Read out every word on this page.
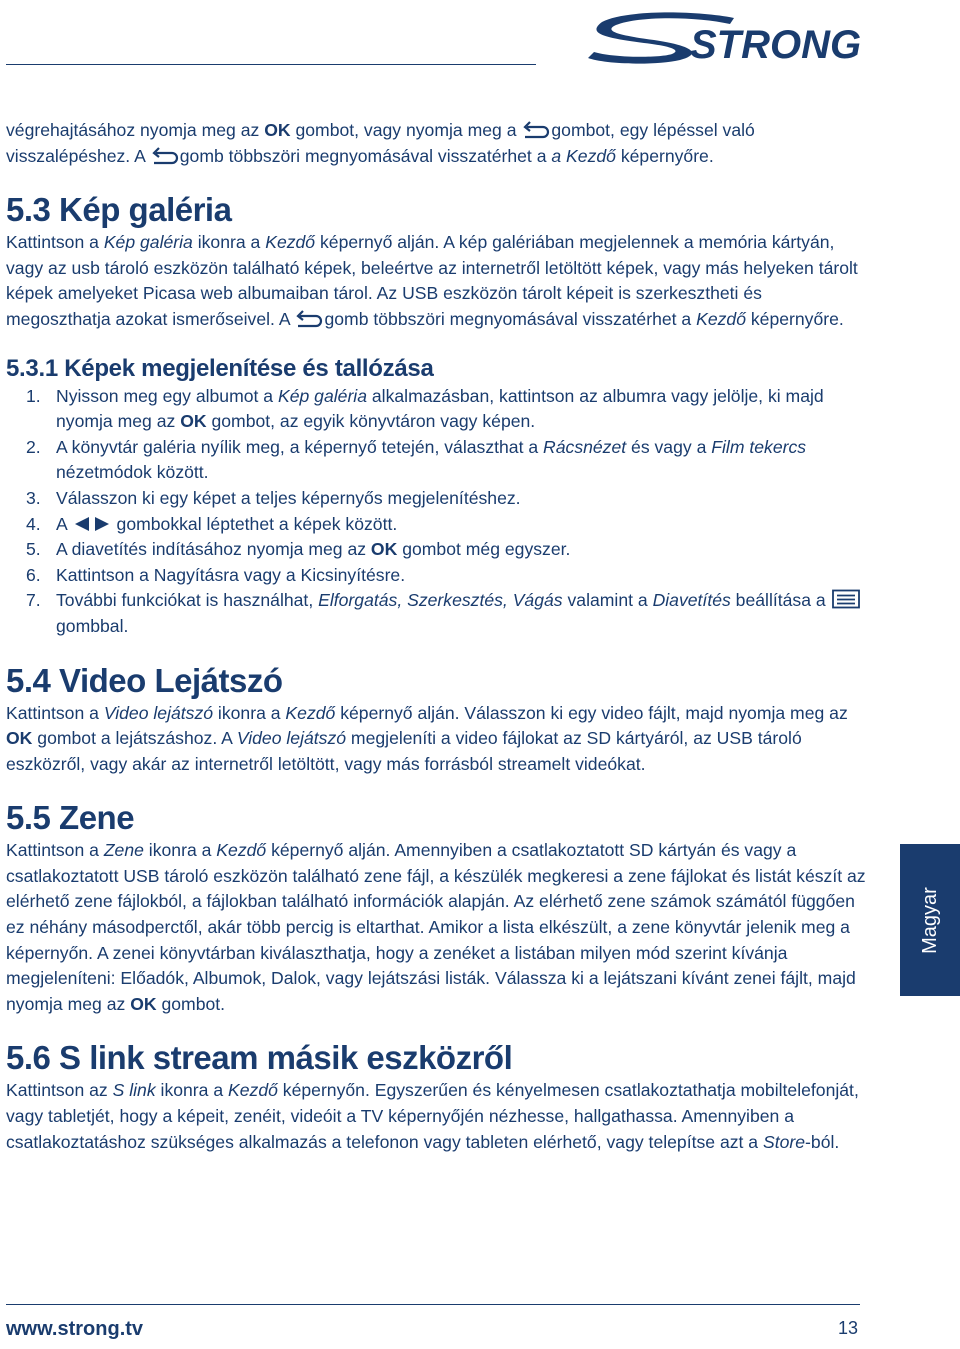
STRONG

végrehajtásához nyomja meg az OK gombot, vagy nyomja meg a gombot, egy lépéssel való visszalépéshez. A gomb többszöri megnyomásával visszatérhet a a Kezdő képernyőre.

5.3 Kép galéria

Kattintson a Kép galéria ikonra a Kezdő képernyő alján. A kép galériában megjelennek a memória kártyán, vagy az usb tároló eszközön található képek, beleértve az internetről letöltött képek, vagy más helyeken tárolt képek amelyeket Picasa web albumaiban tárol. Az USB eszközön tárolt képeit is szerkesztheti és megoszthatja azokat ismerőseivel. A gomb többszöri megnyomásával visszatérhet a Kezdő képernyőre.

5.3.1 Képek megjelenítése és tallózása
1. Nyisson meg egy albumot a Kép galéria alkalmazásban, kattintson az albumra vagy jelölje, ki majd nyomja meg az OK gombot, az egyik könyvtáron vagy képen.
2. A könyvtár galéria nyílik meg, a képernyő tetején, választhat a Rácsnézet és vagy a Film tekercs nézetmódok között.
3. Válasszon ki egy képet a teljes képernyős megjelenítéshez.
4. A  gombokkal léptethet a képek között.
5. A diavetítés indításához nyomja meg az OK gombot még egyszer.
6. Kattintson a Nagyításra vagy a Kicsinyítésre.
7. További funkciókat is használhat, Elforgatás, Szerkesztés, Vágás valamint a Diavetítés beállítása a gombbal.
5.4 Video Lejátszó

Kattintson a Video lejátszó ikonra a Kezdő képernyő alján. Válasszon ki egy video fájlt, majd nyomja meg az OK gombot a lejátszáshoz. A Video lejátszó megjeleníti a video fájlokat az SD kártyáról, az USB tároló eszközről, vagy akár az internetről letöltött, vagy más forrásból streamelt videókat.

5.5 Zene

Kattintson a Zene ikonra a Kezdő képernyő alján. Amennyiben a csatlakoztatott SD kártyán és vagy a csatlakoztatott USB tároló eszközön található zene fájl, a készülék megkeresi a zene fájlokat és listát készít az elérhető zene fájlokból, a fájlokban található információk alapján. Az elérhető zene számok számától függően ez néhány másodperctől, akár több percig is eltarthat. Amikor a lista elkészült, a zene könyvtár jelenik meg a képernyőn. A zenei könyvtárban kiválaszthatja, hogy a zenéket a listában milyen mód szerint kívánja megjeleníteni: Előadók, Albumok, Dalok, vagy lejátszási listák. Válassza ki a lejátszani kívánt zenei fájlt, majd nyomja meg az OK gombot.

5.6 S link stream másik eszközről

Kattintson az S link ikonra a Kezdő képernyőn. Egyszerűen és kényelmesen csatlakoztathatja mobiltelefonját, vagy tabletjét, hogy a képeit, zenéit, videóit a TV képernyőjén nézhesse, hallgathassa. Amennyiben a csatlakoztatáshoz szükséges alkalmazás a telefonon vagy tableten elérhető, vagy telepítse azt a Store-ból.

Magyar
www.strong.tv	13
